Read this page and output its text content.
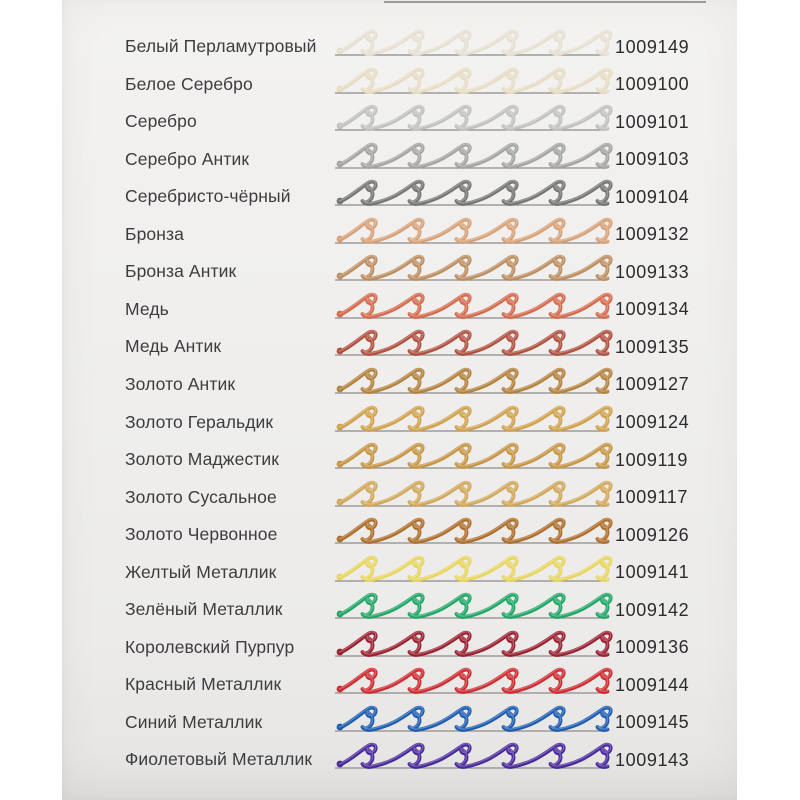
Белый Перламутровый	1009149
Белое Серебро	1009100
Серебро	1009101
Серебро Антик	1009103
Серебристо-чёрный	1009104
Бронза	1009132
Бронза Антик	1009133
Медь	1009134
Медь Антик	1009135
Золото Антик	1009127
Золото Геральдик	1009124
Золото Маджестик	1009119
Золото Сусальное	1009117
Золото Червонное	1009126
Желтый Металлик	1009141
Зелёный Металлик	1009142
Королевский Пурпур	1009136
Красный Металлик	1009144
Синий Металлик	1009145
Фиолетовый Металлик	1009143
